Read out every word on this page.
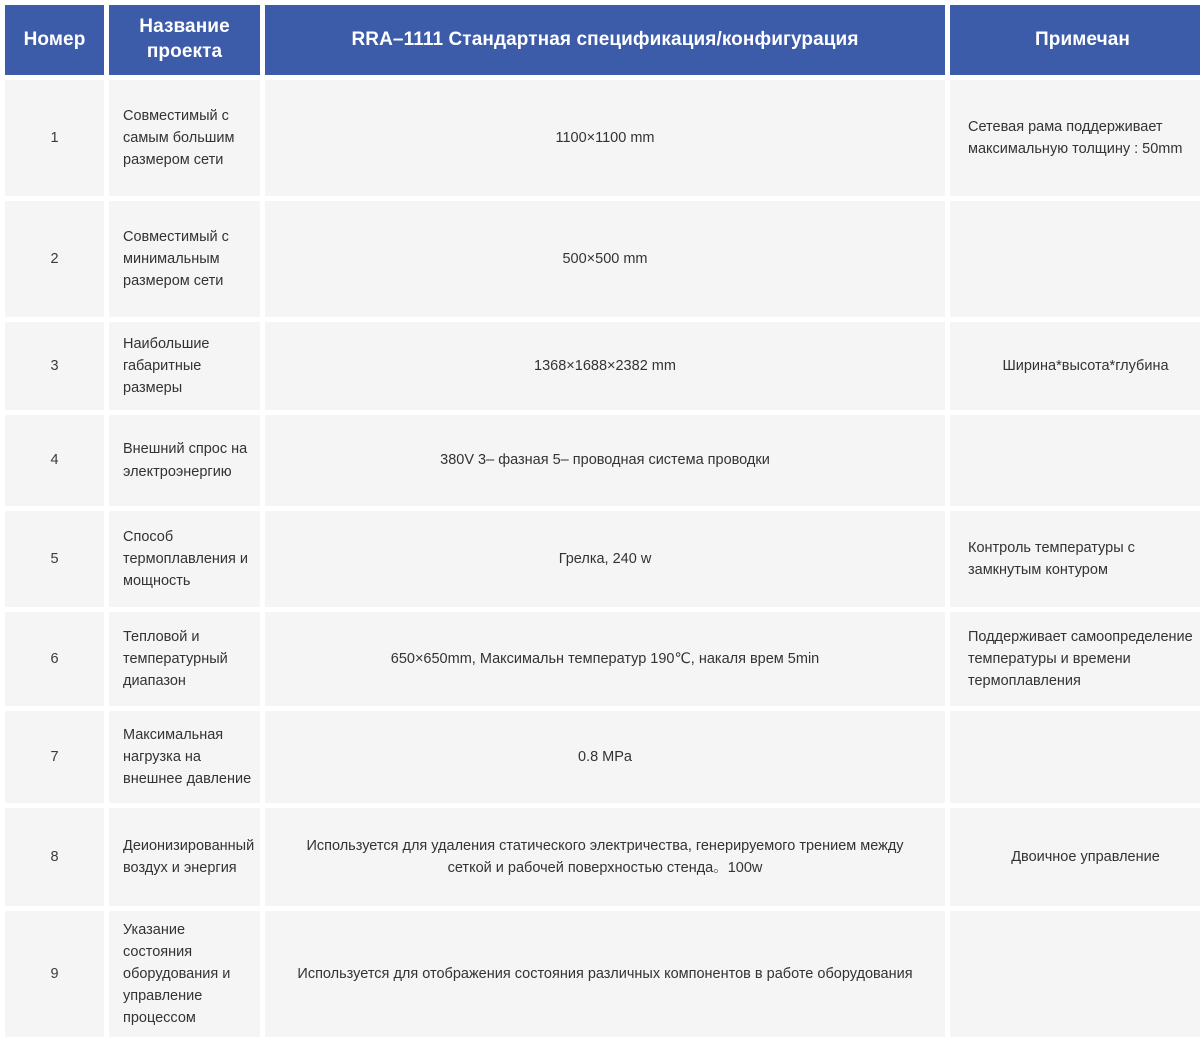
Номер	Название проекта	RRA–1111 Стандартная спецификация/конфигурация	Примечан
1	Совместимый с самым большим размером сети	1100×1100 mm	Сетевая рама поддерживает максимальную толщину : 50mm
2	Совместимый с минимальным размером сети	500×500 mm	
3	Наибольшие габаритные размеры	1368×1688×2382 mm	Ширина*высота*глубина
4	Внешний спрос на электроэнергию	380V 3– фазная 5– проводная система проводки	
5	Способ термоплавления и мощность	Грелка, 240 w	Контроль температуры с замкнутым контуром
6	Тепловой и температурный диапазон	650×650mm, Максимальн температур 190℃, накаля врем 5min	Поддерживает самоопределение температуры и времени термоплавления
7	Максимальная нагрузка на внешнее давление	0.8 MPa	
8	Деионизированный воздух и энергия	Используется для удаления статического электричества, генерируемого трением между сеткой и рабочей поверхностью стенда。100w	Двоичное управление
9	Указание состояния оборудования и управление процессом	Используется для отображения состояния различных компонентов в работе оборудования	
